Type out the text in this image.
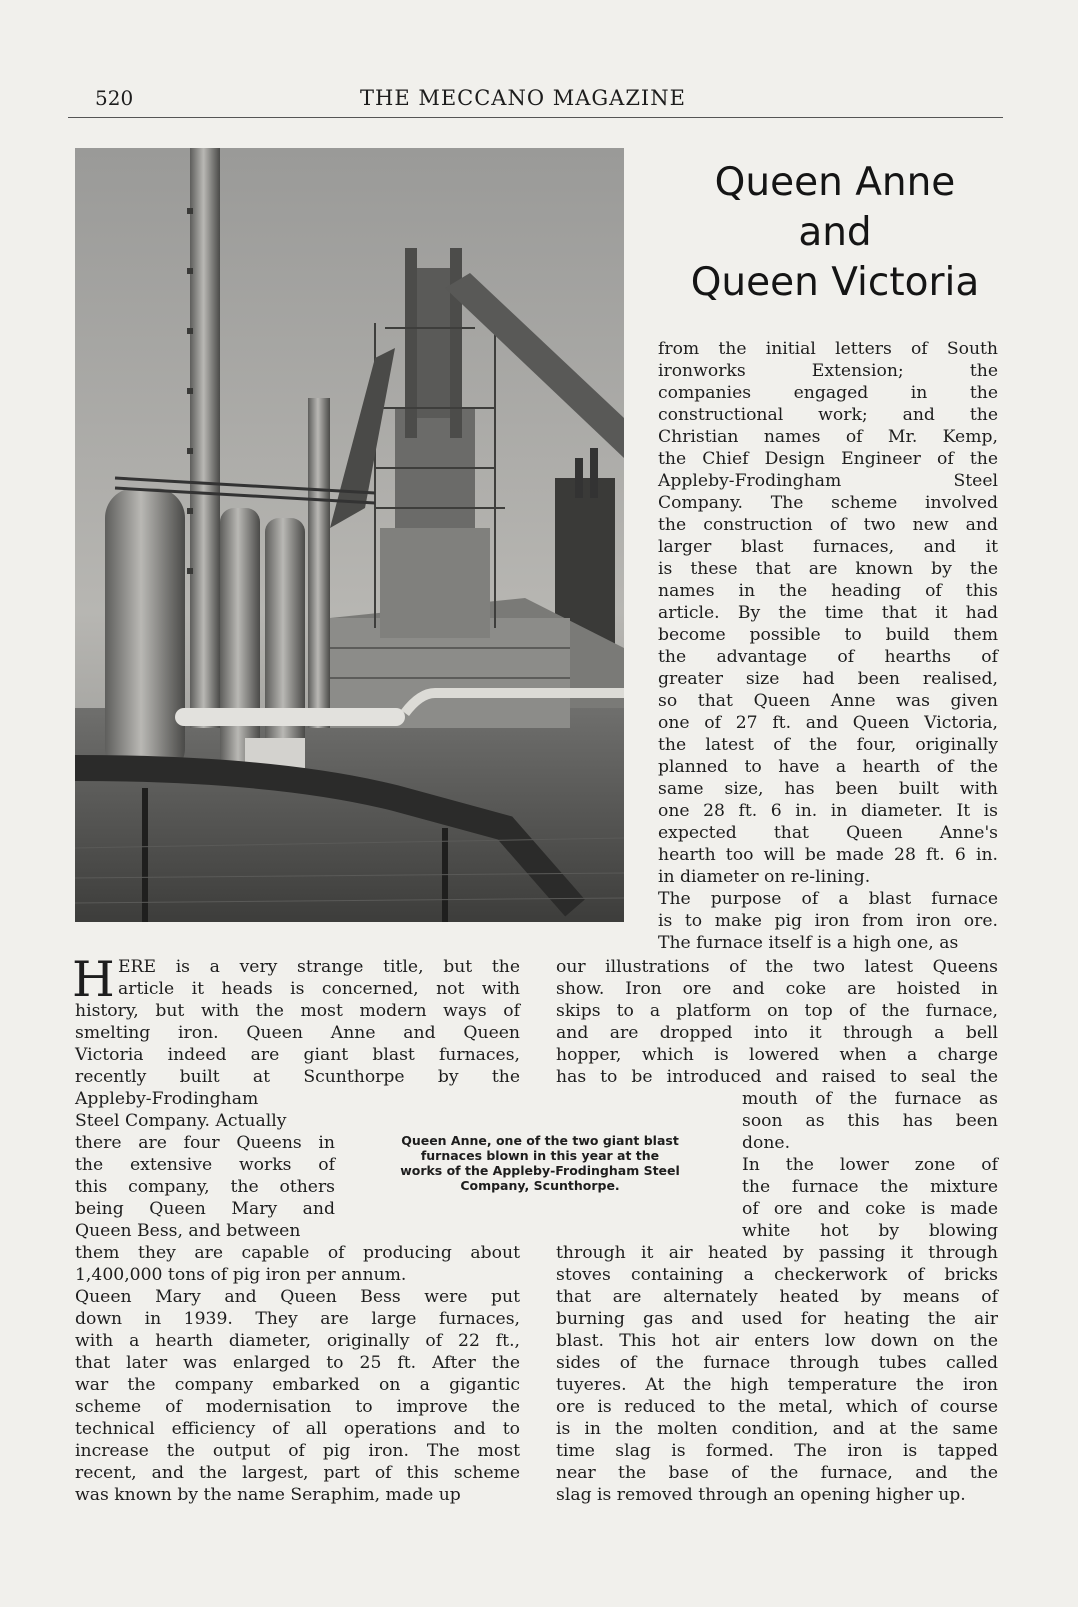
520	THE MECCANO MAGAZINE
Queen Anne
and
Queen Victoria
Queen Anne, one of the two giant blast
furnaces blown in this year at the
works of the Appleby-Frodingham Steel
Company, Scunthorpe.
H
from the initial letters of South
ironworks Extension; the
companies engaged in the
constructional work; and the
Christian names of Mr. Kemp,
the Chief Design Engineer of the
Appleby-Frodingham Steel
Company. The scheme involved
the construction of two new and
larger blast furnaces, and it
is these that are known by the
names in the heading of this
article. By the time that it had
become possible to build them
the advantage of hearths of
greater size had been realised,
so that Queen Anne was given
one of 27 ft. and Queen Victoria,
the latest of the four, originally
planned to have a hearth of the
same size, has been built with
one 28 ft. 6 in. in diameter. It is
expected that Queen Anne's
hearth too will be made 28 ft. 6 in.
in diameter on re-lining.
The purpose of a blast furnace
is to make pig iron from iron ore.
The furnace itself is a high one, as
our illustrations of the two latest Queens
show. Iron ore and coke are hoisted in
skips to a platform on top of the furnace,
and are dropped into it through a bell
hopper, which is lowered when a charge
has to be introduced and raised to seal the
mouth of the furnace as
soon as this has been
done.
In the lower zone of
the furnace the mixture
of ore and coke is made
white hot by blowing
through it air heated by passing it through
stoves containing a checkerwork of bricks
that are alternately heated by means of
burning gas and used for heating the air
blast. This hot air enters low down on the
sides of the furnace through tubes called
tuyeres. At the high temperature the iron
ore is reduced to the metal, which of course
is in the molten condition, and at the same
time slag is formed. The iron is tapped
near the base of the furnace, and the
slag is removed through an opening higher up.
ERE is a very strange title, but the
article it heads is concerned, not with
history, but with the most modern ways of
smelting iron. Queen Anne and Queen
Victoria indeed are giant blast furnaces,
recently built at Scunthorpe by the
Appleby-Frodingham
Steel Company. Actually
there are four Queens in
the extensive works of
this company, the others
being Queen Mary and
Queen Bess, and between
them they are capable of producing about
1,400,000 tons of pig iron per annum.
Queen Mary and Queen Bess were put
down in 1939. They are large furnaces,
with a hearth diameter, originally of 22 ft.,
that later was enlarged to 25 ft. After the
war the company embarked on a gigantic
scheme of modernisation to improve the
technical efficiency of all operations and to
increase the output of pig iron. The most
recent, and the largest, part of this scheme
was known by the name Seraphim, made up
